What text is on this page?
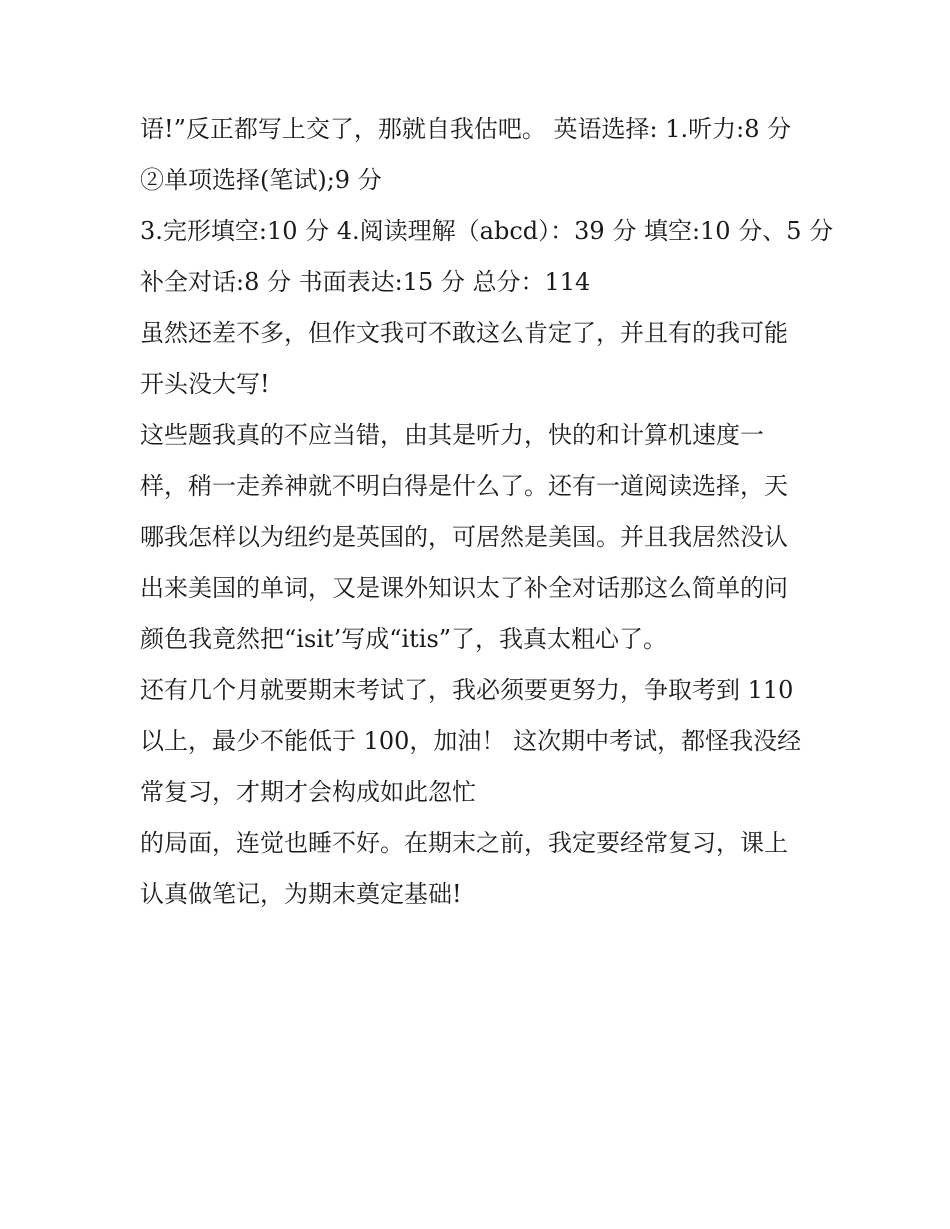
语!”反正都写上交了，那就自我估吧。 英语选择: 1.听力:8 分
②单项选择(笔试);9 分
3.完形填空:10 分 4.阅读理解（abcd）：39 分 填空:10 分、5 分
补全对话:8 分 书面表达:15 分 总分：114
虽然还差不多，但作文我可不敢这么肯定了，并且有的我可能
开头没大写!
这些题我真的不应当错，由其是听力，快的和计算机速度一
样，稍一走养神就不明白得是什么了。还有一道阅读选择，天
哪我怎样以为纽约是英国的，可居然是美国。并且我居然没认
出来美国的单词，又是课外知识太了补全对话那这么简单的问
颜色我竟然把“isit’写成“itis”了，我真太粗心了。
还有几个月就要期末考试了，我必须要更努力，争取考到 110
以上，最少不能低于 100，加油！ 这次期中考试，都怪我没经
常复习，才期才会构成如此忽忙
的局面，连觉也睡不好。在期末之前，我定要经常复习，课上
认真做笔记，为期末奠定基础!
